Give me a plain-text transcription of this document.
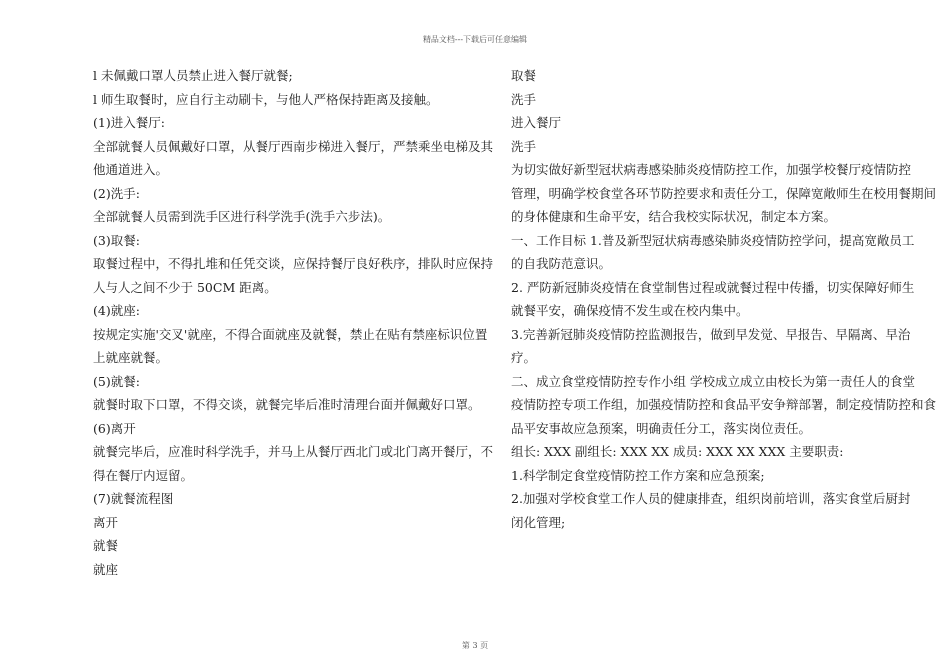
精品文档---下载后可任意编辑

l 未佩戴口罩人员禁止进入餐厅就餐;

l 师生取餐时，应自行主动刷卡，与他人严格保持距离及接触。

(1)进入餐厅:

全部就餐人员佩戴好口罩，从餐厅西南步梯进入餐厅，严禁乘坐电梯及其
他通道进入。

(2)洗手:

全部就餐人员需到洗手区进行科学洗手(洗手六步法)。

(3)取餐:

取餐过程中，不得扎堆和任凭交谈，应保持餐厅良好秩序，排队时应保持
人与人之间不少于 50CM 距离。

(4)就座:

按规定实施'交叉'就座，不得合面就座及就餐，禁止在贴有禁座标识位置
上就座就餐。

(5)就餐:

就餐时取下口罩，不得交谈，就餐完毕后准时清理台面并佩戴好口罩。

(6)离开

就餐完毕后，应准时科学洗手，并马上从餐厅西北门或北门离开餐厅，不
得在餐厅内逗留。

(7)就餐流程图

离开

就餐

就座

取餐

洗手

进入餐厅

洗手

为切实做好新型冠状病毒感染肺炎疫情防控工作，加强学校餐厅疫情防控
管理，明确学校食堂各环节防控要求和责任分工，保障宽敞师生在校用餐期间
的身体健康和生命平安，结合我校实际状况，制定本方案。

一、工作目标 1.普及新型冠状病毒感染肺炎疫情防控学问，提高宽敞员工
的自我防范意识。

2. 严防新冠肺炎疫情在食堂制售过程或就餐过程中传播，切实保障好师生
就餐平安，确保疫情不发生或在校内集中。

3.完善新冠肺炎疫情防控监测报告，做到早发觉、早报告、早隔离、早治
疗。

二、成立食堂疫情防控专作小组 学校成立成立由校长为第一责任人的食堂
疫情防控专项工作组，加强疫情防控和食品平安争辩部署，制定疫情防控和食
品平安事故应急预案，明确责任分工，落实岗位责任。

组长: XXX 副组长: XXX XX 成员: XXX XX XXX 主要职责:

1.科学制定食堂疫情防控工作方案和应急预案;

2.加强对学校食堂工作人员的健康排查，组织岗前培训，落实食堂后厨封
闭化管理;

第 3 页
